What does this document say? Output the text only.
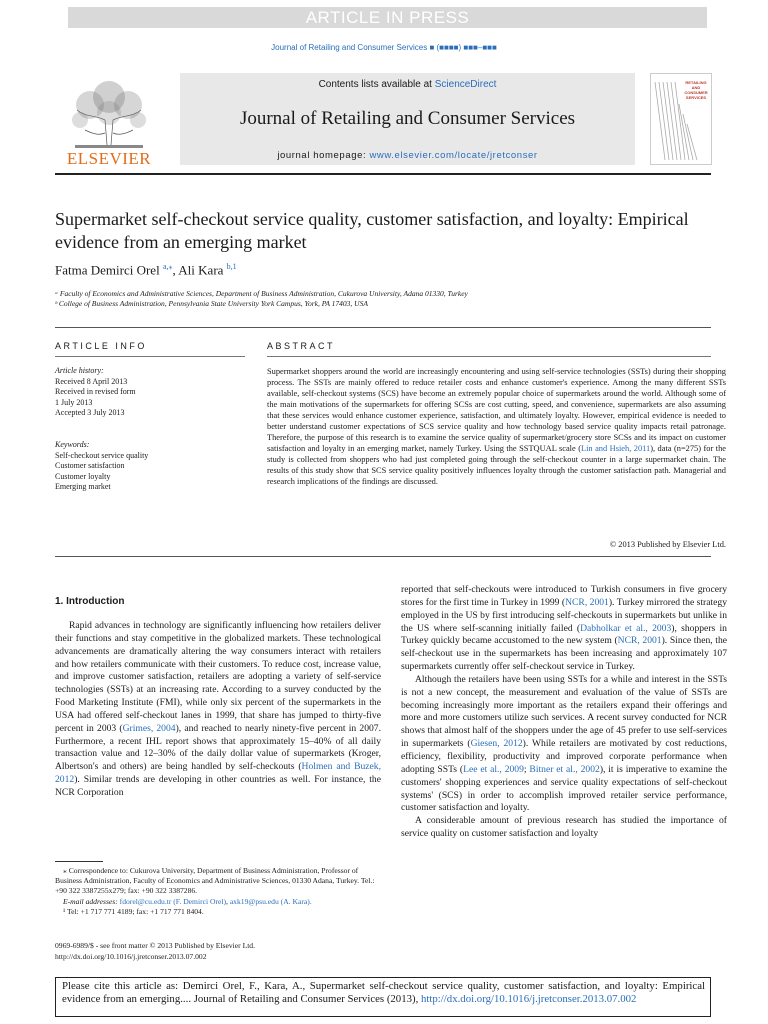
ARTICLE IN PRESS
Journal of Retailing and Consumer Services ■ (■■■■) ■■■–■■■
ELSEVIER
Contents lists available at ScienceDirect
Journal of Retailing and Consumer Services
journal homepage: www.elsevier.com/locate/jretconser
RETAILING AND CONSUMER SERVICES
Supermarket self-checkout service quality, customer satisfaction, and loyalty: Empirical evidence from an emerging market
Fatma Demirci Orel $^{a,⁎}$, Ali Kara $^{b,1}$
ᵃ Faculty of Economics and Administrative Sciences, Department of Business Administration, Cukurova University, Adana 01330, Turkey
ᵇ College of Business Administration, Pennsylvania State University York Campus, York, PA 17403, USA
ARTICLE INFO	ABSTRACT
Article history:
Received 8 April 2013
Received in revised form
1 July 2013
Accepted 3 July 2013
Keywords:
Self-checkout service quality
Customer satisfaction
Customer loyalty
Emerging market
Supermarket shoppers around the world are increasingly encountering and using self-service technologies (SSTs) during their shopping process. The SSTs are mainly offered to reduce retailer costs and enhance customer's experience. Among the many different SSTs available, self-checkout systems (SCS) have become an extremely popular choice of supermarkets around the world. Although some of the main motivations of the supermarkets for offering SCSs are cost cutting, speed, and convenience, supermarkets are also assuming that these services would enhance customer experience, satisfaction, and ultimately loyalty. However, empirical evidence is needed to better understand customer expectations of SCS service quality and how technology based service quality impacts retail patronage. Therefore, the purpose of this research is to examine the service quality of supermarket/grocery store SCSs and its impact on customer satisfaction and loyalty in an emerging market, namely Turkey. Using the SSTQUAL scale (Lin and Hsieh, 2011), data (n=275) for the study is collected from shoppers who had just completed going through the self-checkout counter in a large supermarket chain. The results of this study show that SCS service quality positively influences loyalty through the customer satisfaction path. Managerial and research implications of the findings are discussed.
© 2013 Published by Elsevier Ltd.
1. Introduction

Rapid advances in technology are significantly influencing how retailers deliver their functions and stay competitive in the globalized markets. These technological advancements are dramatically altering the way consumers interact with retailers and how retailers communicate with their customers. To reduce cost, increase value, and improve customer satisfaction, retailers are adopting a variety of self-service technologies (SSTs) at an increasing rate. According to a survey conducted by the Food Marketing Institute (FMI), while only six percent of the supermarkets in the USA had offered self-checkout lanes in 1999, that share has jumped to thirty-five percent in 2003 (Grimes, 2004), and reached to nearly ninety-five percent in 2007. Furthermore, a recent IHL report shows that approximately 15–40% of all daily transaction value and 12–30% of the daily dollar value of supermarkets (Kroger, Albertson's and others) are being handled by self-checkouts (Holmen and Buzek, 2012). Similar trends are developing in other countries as well. For instance, the NCR Corporation

reported that self-checkouts were introduced to Turkish consumers in five grocery stores for the first time in Turkey in 1999 (NCR, 2001). Turkey mirrored the strategy employed in the US by first introducing self-checkouts in supermarkets but unlike in the US where self-scanning initially failed (Dabholkar et al., 2003), shoppers in Turkey quickly became accustomed to the new system (NCR, 2001). Since then, the self-checkout use in the supermarkets has been increasing and approximately 107 supermarkets currently offer self-checkout service in Turkey.

Although the retailers have been using SSTs for a while and interest in the SSTs is not a new concept, the measurement and evaluation of the value of SSTs are becoming increasingly more important as the retailers expand their offerings and more and more customers utilize such services. A recent survey conducted for NCR shows that almost half of the shoppers under the age of 45 prefer to use self-services in supermarkets (Giesen, 2012). While retailers are motivated by cost reductions, efficiency, flexibility, productivity and improved corporate performance when adopting SSTs (Lee et al., 2009; Bitner et al., 2002), it is imperative to examine the customers' shopping experiences and service quality expectations of self-checkout systems' (SCS) in order to accomplish improved retailer service performance, customer satisfaction and loyalty.

A considerable amount of previous research has studied the importance of service quality on customer satisfaction and loyalty

⁎ Correspondence to: Cukurova University, Department of Business Administration, Professor of Business Administration, Faculty of Economics and Administrative Sciences, 01330 Adana, Turkey. Tel.: +90 322 3387255x279; fax: +90 322 3387286.
E-mail addresses: fdorel@cu.edu.tr (F. Demirci Orel), axk19@psu.edu (A. Kara).
¹ Tel: +1 717 771 4189; fax: +1 717 771 8404.
0969-6989/$ - see front matter © 2013 Published by Elsevier Ltd.
http://dx.doi.org/10.1016/j.jretconser.2013.07.002
Please cite this article as: Demirci Orel, F., Kara, A., Supermarket self-checkout service quality, customer satisfaction, and loyalty: Empirical evidence from an emerging.... Journal of Retailing and Consumer Services (2013), http://dx.doi.org/10.1016/j.jretconser.2013.07.002
